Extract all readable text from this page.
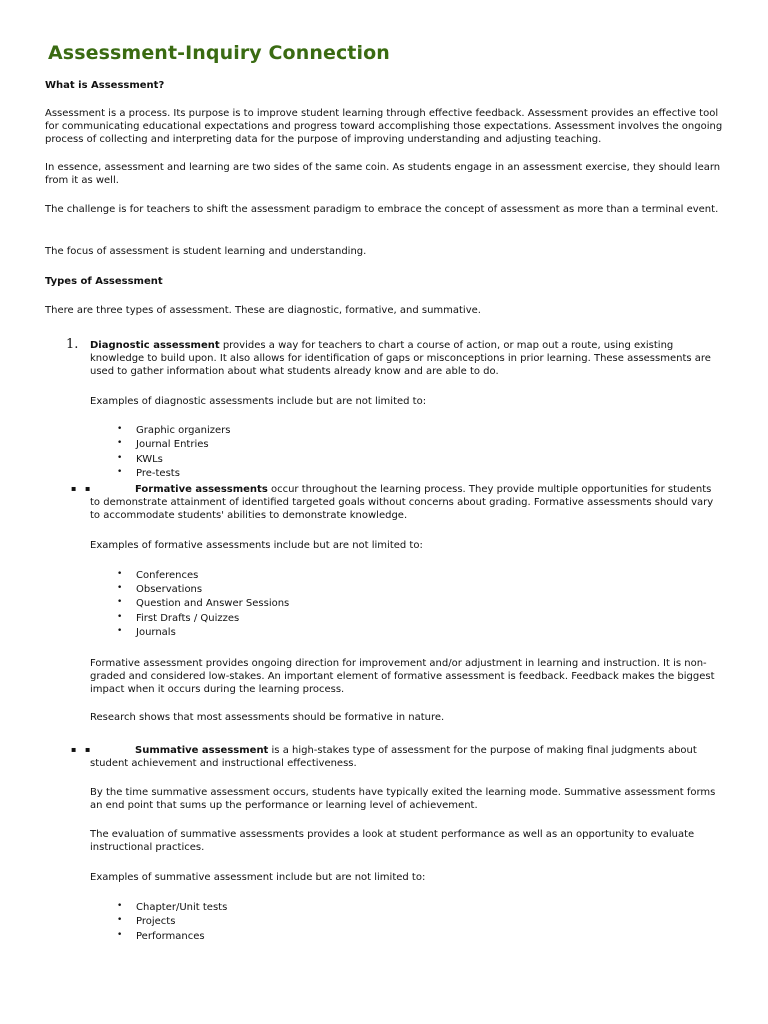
Assessment-Inquiry Connection
What is Assessment?
Assessment is a process. Its purpose is to improve student learning through effective feedback. Assessment provides an effective tool for communicating educational expectations and progress toward accomplishing those expectations. Assessment involves the ongoing process of collecting and interpreting data for the purpose of improving understanding and adjusting teaching.
In essence, assessment and learning are two sides of the same coin. As students engage in an assessment exercise, they should learn from it as well.
The challenge is for teachers to shift the assessment paradigm to embrace the concept of assessment as more than a terminal event.
The focus of assessment is student learning and understanding.
Types of Assessment
There are three types of assessment. These are diagnostic, formative, and summative.
1. Diagnostic assessment provides a way for teachers to chart a course of action, or map out a route, using existing knowledge to build upon. It also allows for identification of gaps or misconceptions in prior learning. These assessments are used to gather information about what students already know and are able to do.
Examples of diagnostic assessments include but are not limited to:
• Graphic organizers
• Journal Entries
• KWLs
• Pre-tests
▪ ▪	Formative assessments occur throughout the learning process. They provide multiple opportunities for students to demonstrate attainment of identified targeted goals without concerns about grading. Formative assessments should vary to accommodate students' abilities to demonstrate knowledge.
Examples of formative assessments include but are not limited to:
• Conferences
• Observations
• Question and Answer Sessions
• First Drafts / Quizzes
• Journals
Formative assessment provides ongoing direction for improvement and/or adjustment in learning and instruction. It is non-graded and considered low-stakes. An important element of formative assessment is feedback. Feedback makes the biggest impact when it occurs during the learning process.
Research shows that most assessments should be formative in nature.
▪ ▪	Summative assessment is a high-stakes type of assessment for the purpose of making final judgments about student achievement and instructional effectiveness.
By the time summative assessment occurs, students have typically exited the learning mode. Summative assessment forms an end point that sums up the performance or learning level of achievement.
The evaluation of summative assessments provides a look at student performance as well as an opportunity to evaluate instructional practices.
Examples of summative assessment include but are not limited to:
• Chapter/Unit tests
• Projects
• Performances
